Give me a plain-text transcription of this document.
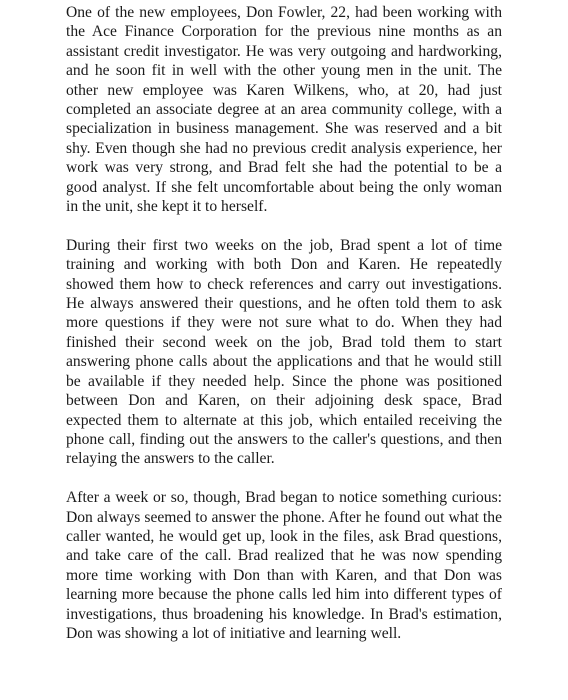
One of the new employees, Don Fowler, 22, had been working with the Ace Finance Corporation for the previous nine months as an assistant credit investigator. He was very outgoing and hardworking, and he soon fit in well with the other young men in the unit. The other new employee was Karen Wilkens, who, at 20, had just completed an associate degree at an area community college, with a specialization in business management. She was reserved and a bit shy. Even though she had no previous credit analysis experience, her work was very strong, and Brad felt she had the potential to be a good analyst. If she felt uncomfortable about being the only woman in the unit, she kept it to herself.

During their first two weeks on the job, Brad spent a lot of time training and working with both Don and Karen. He repeatedly showed them how to check references and carry out investigations. He always answered their questions, and he often told them to ask more questions if they were not sure what to do. When they had finished their second week on the job, Brad told them to start answering phone calls about the applications and that he would still be available if they needed help. Since the phone was positioned between Don and Karen, on their adjoining desk space, Brad expected them to alternate at this job, which entailed receiving the phone call, finding out the answers to the caller's questions, and then relaying the answers to the caller.

After a week or so, though, Brad began to notice something curious: Don always seemed to answer the phone. After he found out what the caller wanted, he would get up, look in the files, ask Brad questions, and take care of the call. Brad realized that he was now spending more time working with Don than with Karen, and that Don was learning more because the phone calls led him into different types of investigations, thus broadening his knowledge. In Brad's estimation, Don was showing a lot of initiative and learning well.
